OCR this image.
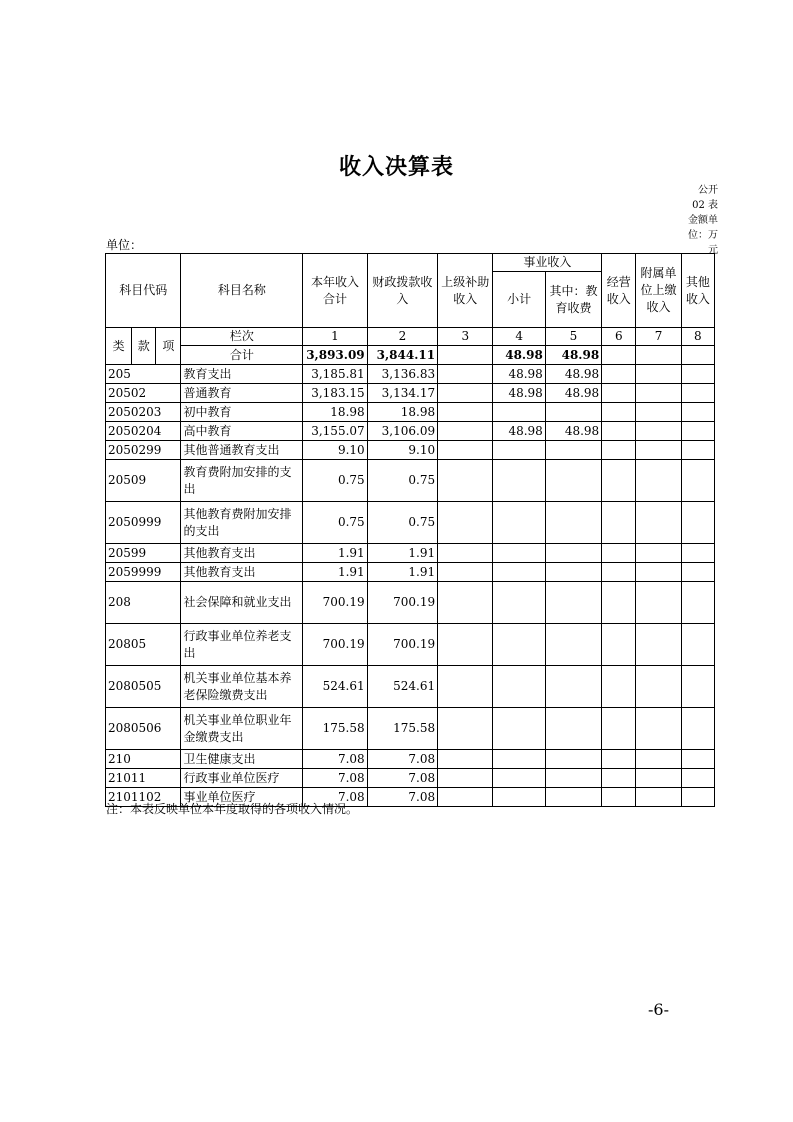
收入决算表
公开
02 表
金额单
位：万
元
单位：
科目代码			科目名称	本年收入合计	财政拨款收入	上级补助收入	事业收入		经营收入	附属单位上缴收入	其他收入
							小计	其中：教育收费			
类	款	项	栏次	1	2	3	4	5	6	7	8
			合计	3,893.09	3,844.11		48.98	48.98			
205			教育支出	3,185.81	3,136.83		48.98	48.98			
20502			普通教育	3,183.15	3,134.17		48.98	48.98			
2050203			初中教育	18.98	18.98						
2050204			高中教育	3,155.07	3,106.09		48.98	48.98			
2050299			其他普通教育支出	9.10	9.10						
20509			教育费附加安排的支出	0.75	0.75						
2050999			其他教育费附加安排的支出	0.75	0.75						
20599			其他教育支出	1.91	1.91						
2059999			其他教育支出	1.91	1.91						
208			社会保障和就业支出	700.19	700.19						
20805			行政事业单位养老支出	700.19	700.19						
2080505			机关事业单位基本养老保险缴费支出	524.61	524.61						
2080506			机关事业单位职业年金缴费支出	175.58	175.58						
210			卫生健康支出	7.08	7.08						
21011			行政事业单位医疗	7.08	7.08						
2101102			事业单位医疗	7.08	7.08						
注：本表反映单位本年度取得的各项收入情况。
-6-
